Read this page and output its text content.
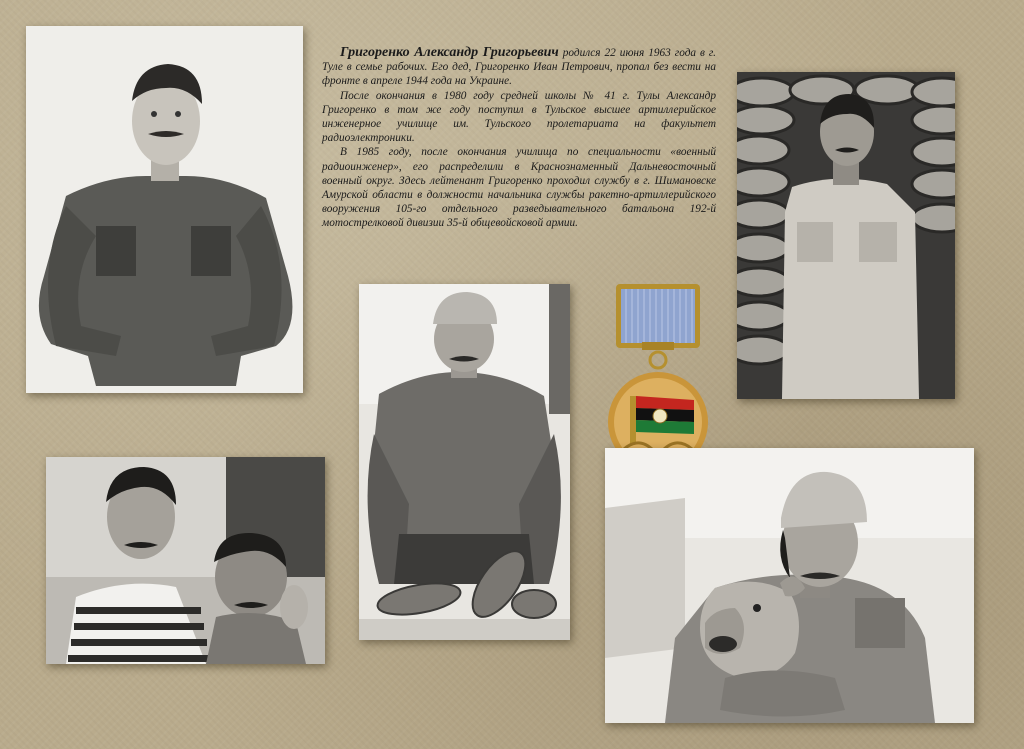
Григоренко Александр Григорьевич родился 22 июня 1963 года в г. Туле в семье рабочих. Его дед, Григоренко Иван Петрович, пропал без вести на фронте в апреле 1944 года на Украине.

После окончания в 1980 году средней школы № 41 г. Тулы Александр Григоренко в том же году поступил в Тульское высшее артиллерийское инженерное училище им. Тульского пролетариата на факультет радиоэлектроники.

В 1985 году, после окончания училища по специальности «военный радиоинженер», его распределили в Краснознаменный Дальневосточный военный округ. Здесь лейтенант Григоренко проходил службу в г. Шимановске Амурской области в должности начальника службы ракетно-артиллерийского вооружения 105-го отдельного разведывательного батальона 192-й мотострелковой дивизии 35-й общевойсковой армии.
